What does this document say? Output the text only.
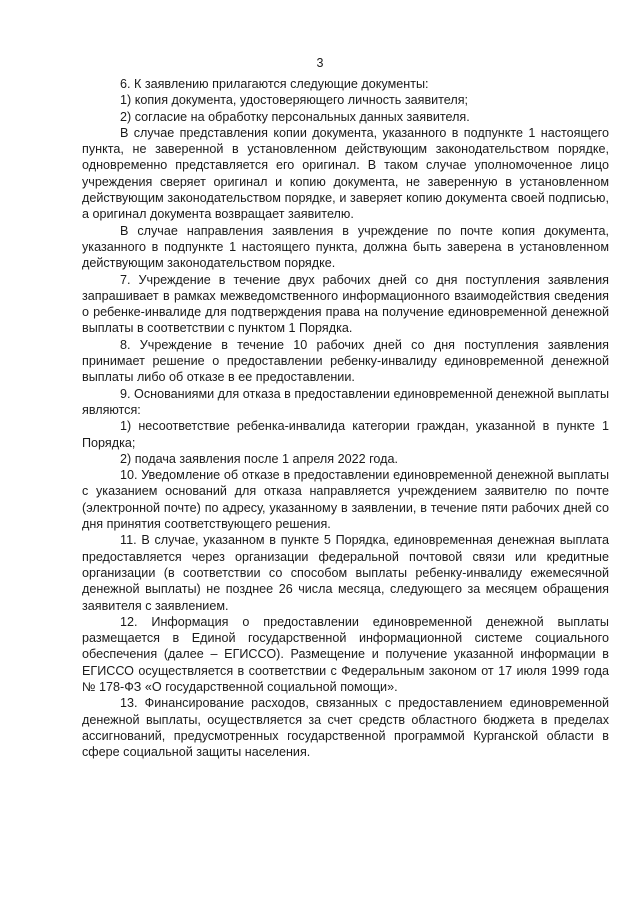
3

6. К заявлению прилагаются следующие документы:

1) копия документа, удостоверяющего личность заявителя;

2) согласие на обработку персональных данных заявителя.

В случае представления копии документа, указанного в подпункте 1 настоящего пункта, не заверенной в установленном действующим законодательством порядке, одновременно представляется его оригинал. В таком случае уполномоченное лицо учреждения сверяет оригинал и копию документа, не заверенную в установленном действующим законодательством порядке, и заверяет копию документа своей подписью, а оригинал документа возвращает заявителю.

В случае направления заявления в учреждение по почте копия документа, указанного в подпункте 1 настоящего пункта, должна быть заверена в установленном действующим законодательством порядке.

7. Учреждение в течение двух рабочих дней со дня поступления заявления запрашивает в рамках межведомственного информационного взаимодействия сведения о ребенке-инвалиде для подтверждения права на получение единовременной денежной выплаты в соответствии с пунктом 1 Порядка.

8. Учреждение в течение 10 рабочих дней со дня поступления заявления принимает решение о предоставлении ребенку-инвалиду единовременной денежной выплаты либо об отказе в ее предоставлении.

9. Основаниями для отказа в предоставлении единовременной денежной выплаты являются:

1) несоответствие ребенка-инвалида категории граждан, указанной в пункте 1 Порядка;

2) подача заявления после 1 апреля 2022 года.

10. Уведомление об отказе в предоставлении единовременной денежной выплаты с указанием оснований для отказа направляется учреждением заявителю по почте (электронной почте) по адресу, указанному в заявлении, в течение пяти рабочих дней со дня принятия соответствующего решения.

11. В случае, указанном в пункте 5 Порядка, единовременная денежная выплата предоставляется через организации федеральной почтовой связи или кредитные организации (в соответствии со способом выплаты ребенку-инвалиду ежемесячной денежной выплаты) не позднее 26 числа месяца, следующего за месяцем обращения заявителя с заявлением.

12. Информация о предоставлении единовременной денежной выплаты размещается в Единой государственной информационной системе социального обеспечения (далее – ЕГИССО). Размещение и получение указанной информации в ЕГИССО осуществляется в соответствии с Федеральным законом от 17 июля 1999 года № 178-ФЗ «О государственной социальной помощи».

13. Финансирование расходов, связанных с предоставлением единовременной денежной выплаты, осуществляется за счет средств областного бюджета в пределах ассигнований, предусмотренных государственной программой Курганской области в сфере социальной защиты населения.
